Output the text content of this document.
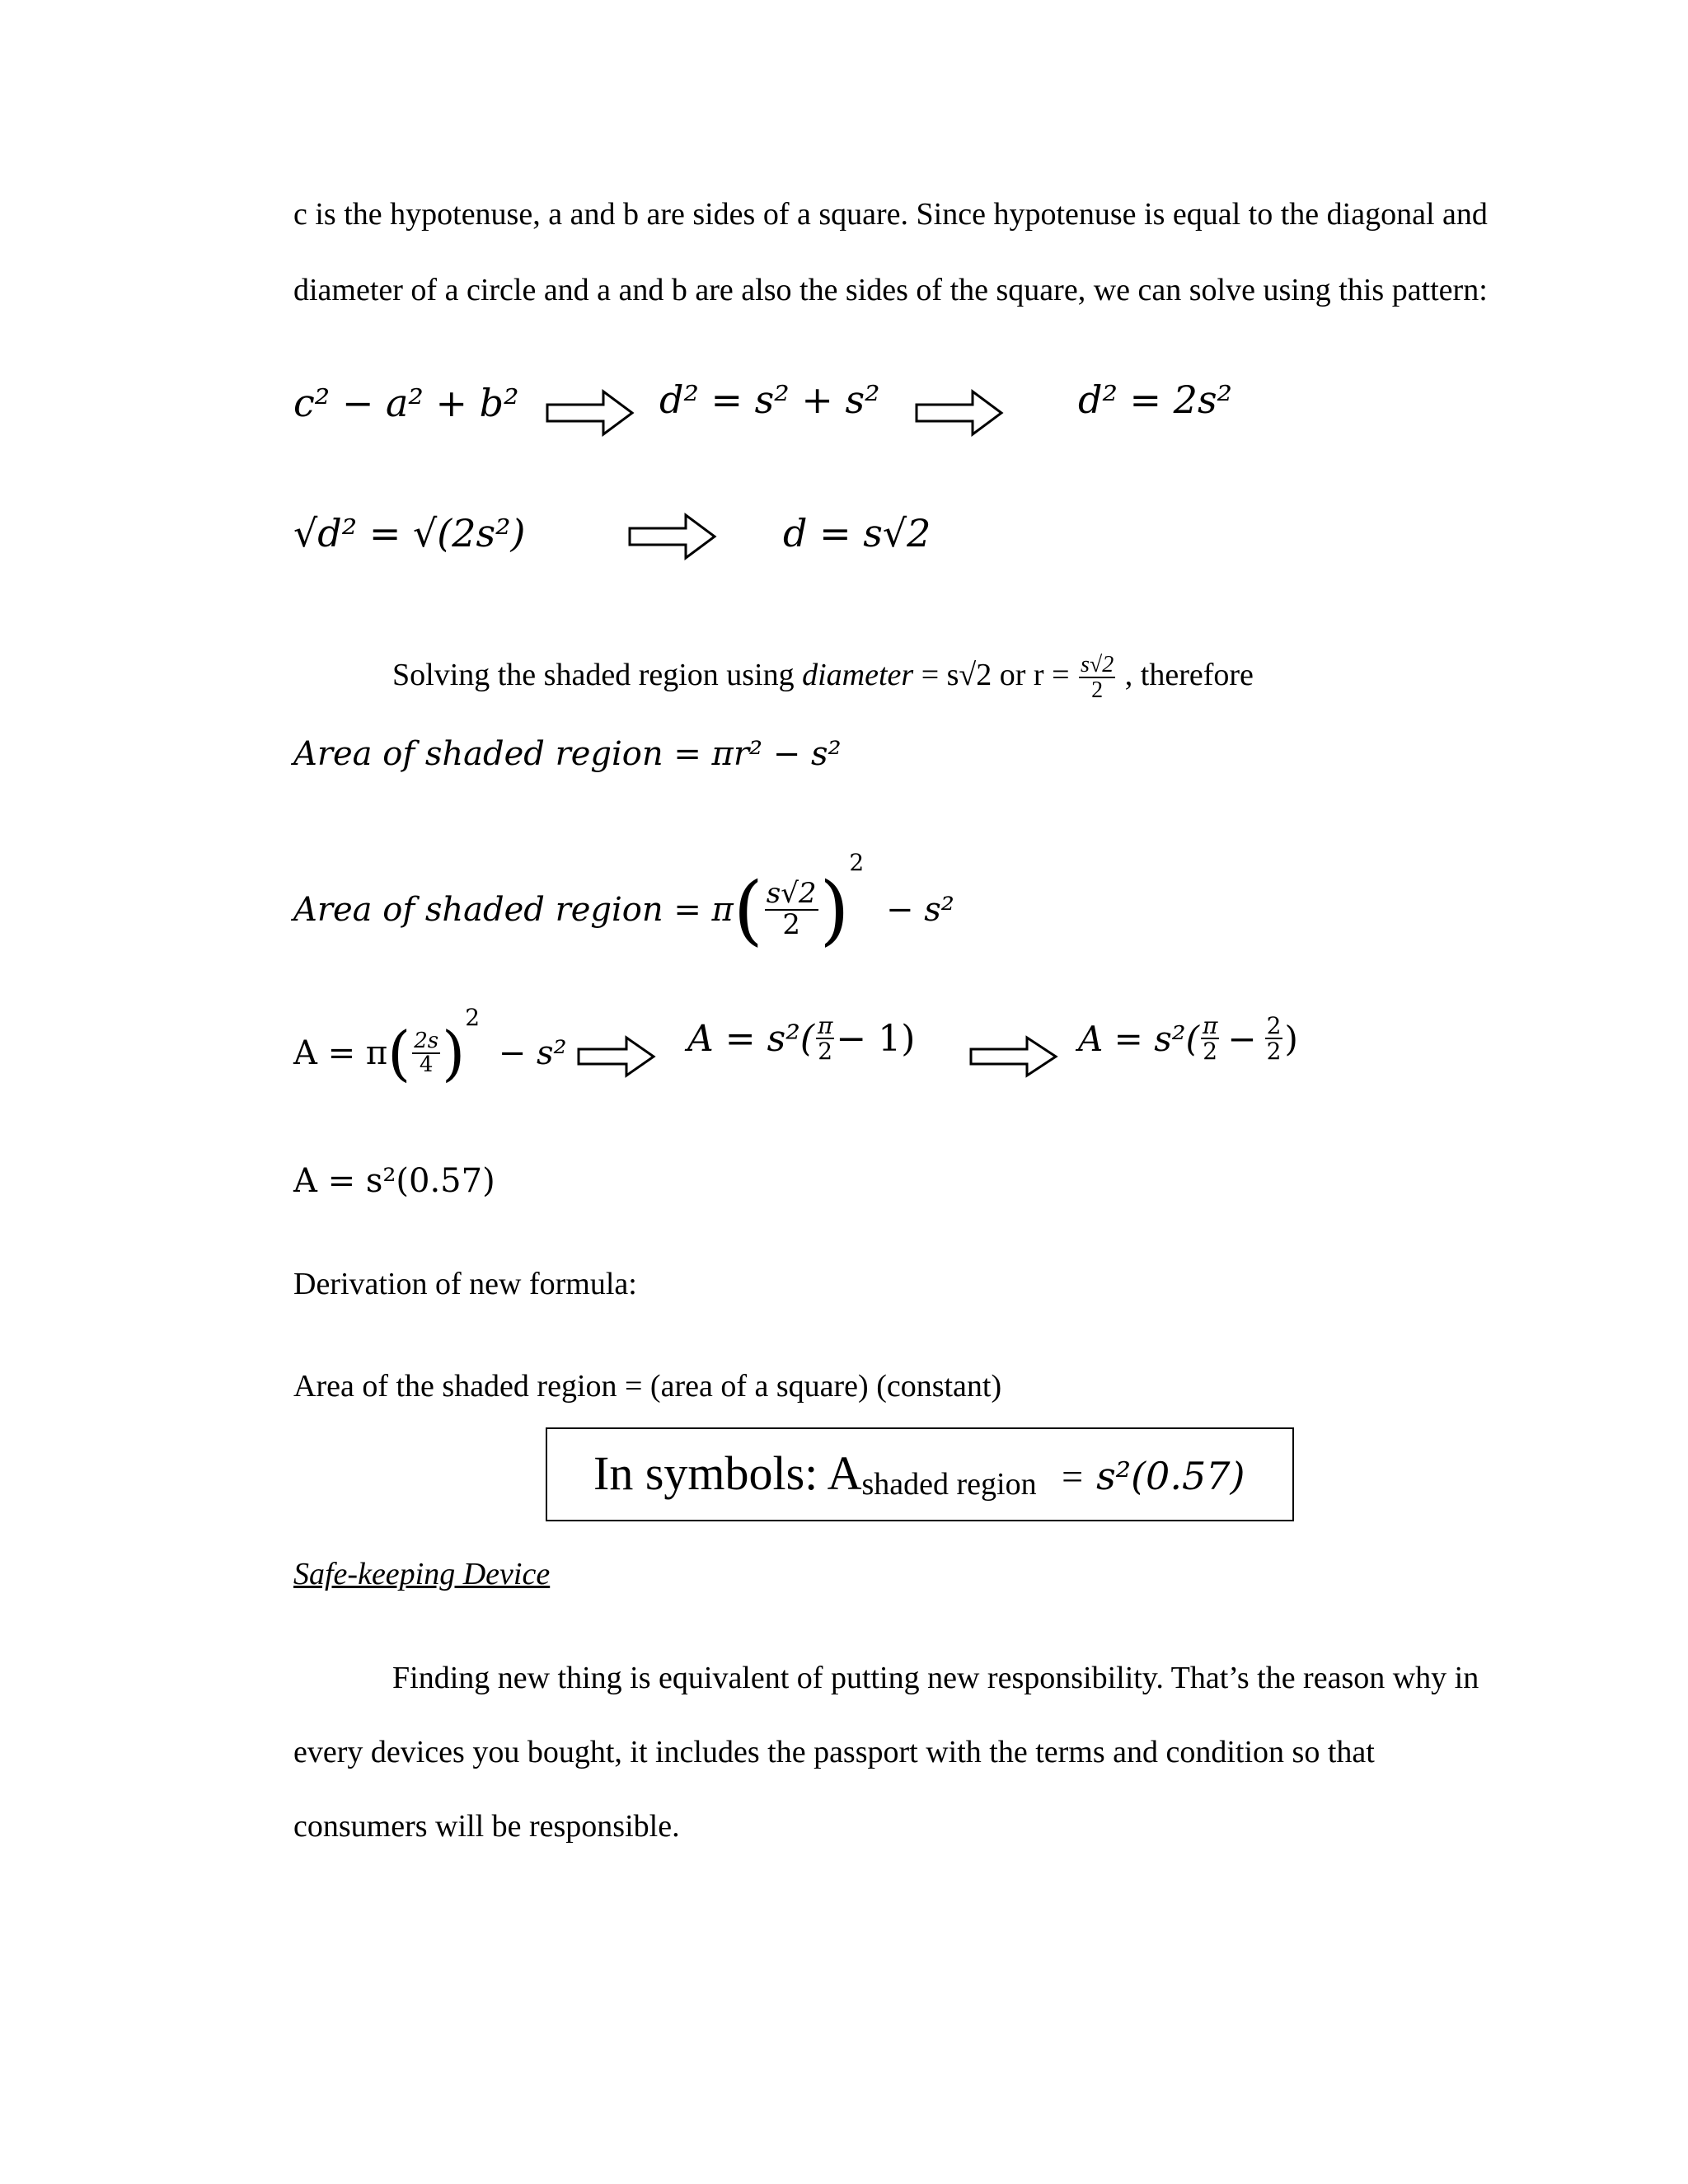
c is the hypotenuse, a and b are sides of a square. Since hypotenuse is equal to the diagonal and
diameter of a circle and a and b are also the sides of the square, we can solve using this pattern:
c² − a² + b²	d² = s² + s²	d² = 2s²
√d² = √(2s²)	d = s√2
Solving the shaded region using diameter = s√2 or $r = \frac{s√2}{2}$ , therefore
Area of shaded region = πr² − s²
Area of shaded region = $\pi( \frac{s√2}{2} )^2 - s^2$
$A = \pi( \frac{2s}{4} )^2 - s^2$	$A = s^2( \frac{\pi}{2} - 1)$	$A = s^2( \frac{\pi}{2} - \frac{2}{2}$ )
A = s²(0.57)
Derivation of new formula:
Area of the shaded region = (area of a square) (constant)
In symbols: $A_{shaded region} = s^2(0.57)$
Safe-keeping Device
Finding new thing is equivalent of putting new responsibility. That’s the reason why in
every devices you bought, it includes the passport with the terms and condition so that
consumers will be responsible.
